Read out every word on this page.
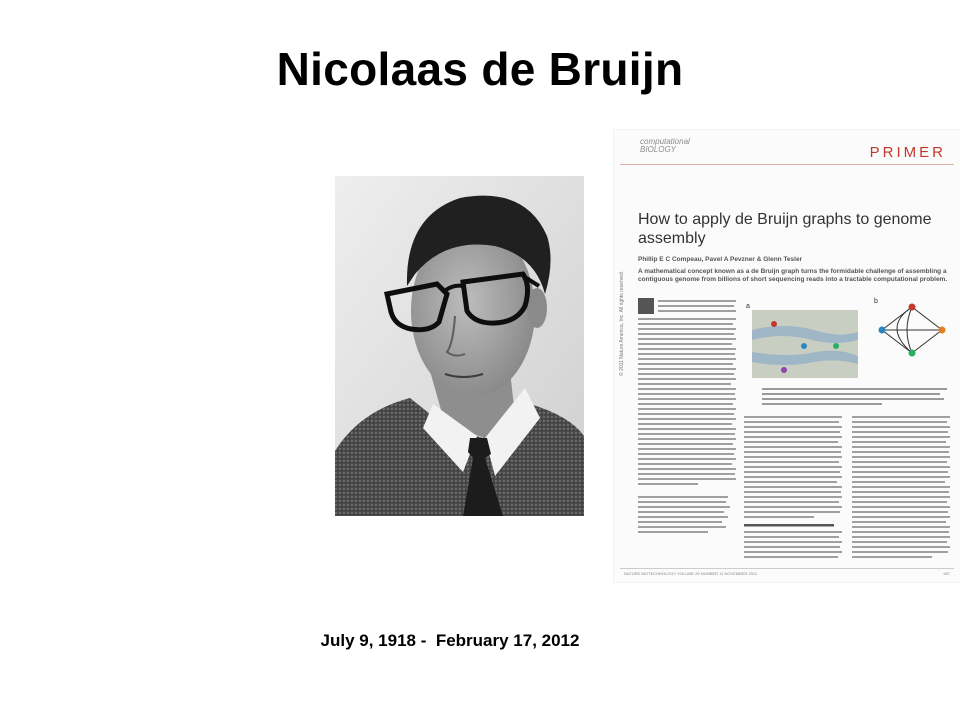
Nicolaas de Bruijn
computational
BIOLOGY	PRIMER
How to apply de Bruijn graphs to genome assembly
Phillip E C Compeau, Pavel A Pevzner & Glenn Tesler
A mathematical concept known as a de Bruijn graph turns the formidable challenge of assembling a contiguous genome from billions of short sequencing reads into a tractable computational problem.
© 2011 Nature America, Inc. All rights reserved.	a
b
NATURE BIOTECHNOLOGY VOLUME 29 NUMBER 11 NOVEMBER 2011	987
July 9, 1918 -  February 17, 2012
